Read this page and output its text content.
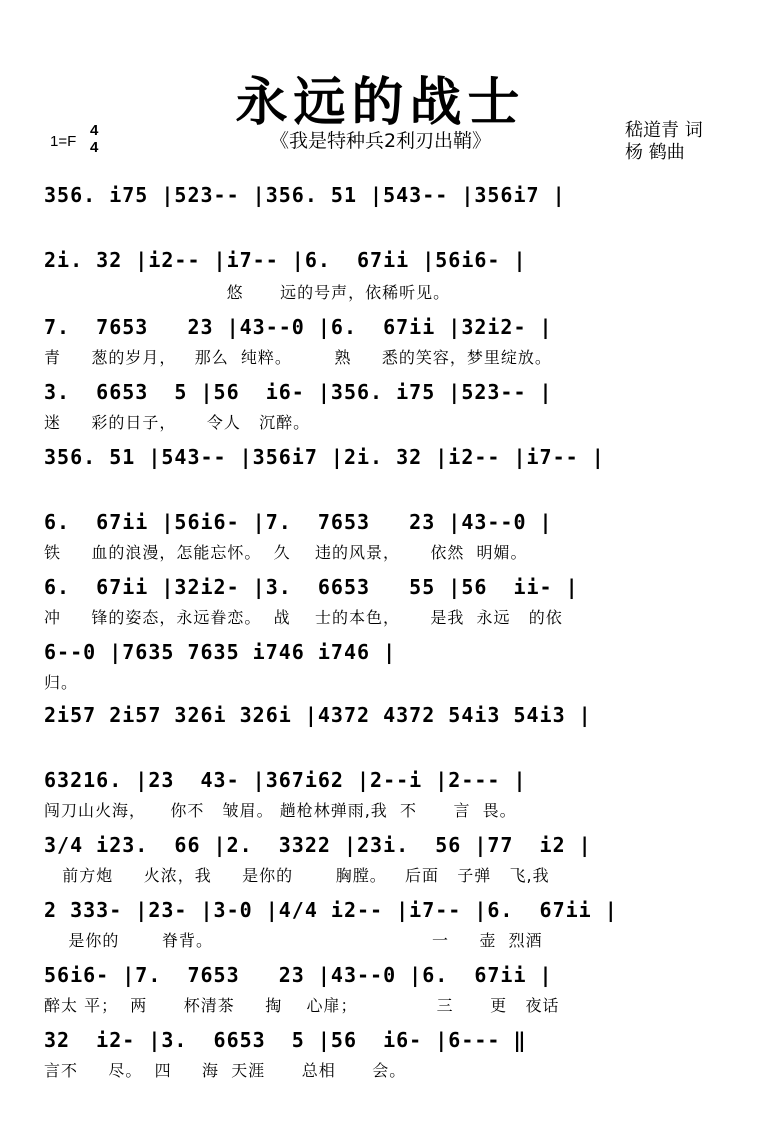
永远的战士
《我是特种兵2利刃出鞘》
1=F
4
4
嵇道青 词
杨 鹤曲
356. i75 |523-- |356. 51 |543-- |356i7 |
2i. 32 |i2-- |i7-- |6.  67ii |56i6- |
悠      远的号声，依稀听见。
7.  7653   23 |43--0 |6.  67ii |32i2- |
青     葱的岁月，   那么  纯粹。       熟     悉的笑容，梦里绽放。
3.  6653  5 |56  i6- |356. i75 |523-- |
迷     彩的日子，     令人   沉醉。
356. 51 |543-- |356i7 |2i. 32 |i2-- |i7-- |
6.  67ii |56i6- |7.  7653   23 |43--0 |
铁     血的浪漫，怎能忘怀。  久    违的风景，     依然  明媚。
6.  67ii |32i2- |3.  6653   55 |56  ii- |
冲     锋的姿态，永远眷恋。  战    士的本色，     是我  永远   的依
6--0 |7635 7635 i746 i746 |
归。
2i57 2i57 326i 326i |4372 4372 54i3 54i3 |
63216. |23  43- |367i62 |2--i |2--- |
闯刀山火海，    你不   皱眉。 趟枪林弹雨,我  不      言  畏。
3/4 i23.  66 |2.  3322 |23i.  56 |77  i2 |
前方炮     火浓，我     是你的       胸膛。   后面   子弹   飞,我
2 333- |23- |3-0 |4/4 i2-- |i7-- |6.  67ii |
是你的       脊背。                                    一     壶  烈酒
56i6- |7.  7653   23 |43--0 |6.  67ii |
醉太 平；  两      杯清茶     掏    心扉；             三      更   夜话
32  i2- |3.  6653  5 |56  i6- |6--- ‖
言不     尽。  四     海  天涯      总相      会。
